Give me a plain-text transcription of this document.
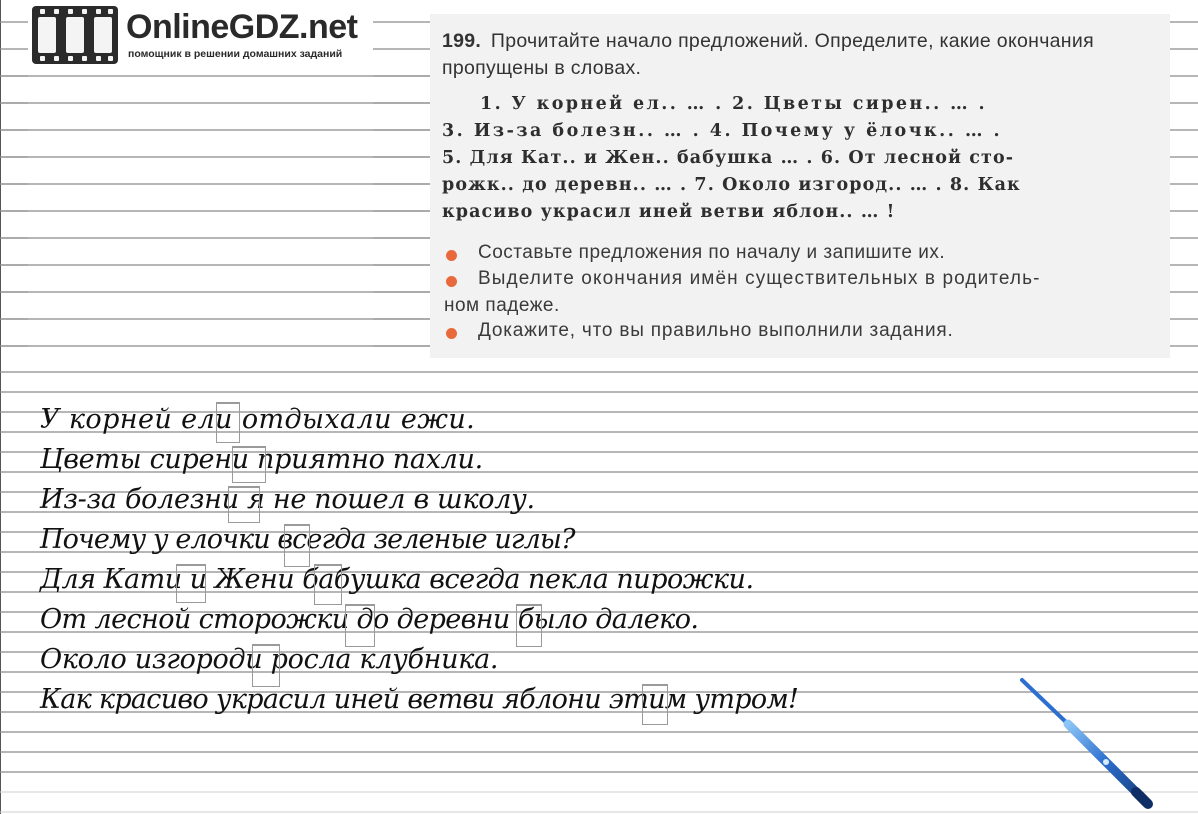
OnlineGDZ.net
помощник в решении домашних заданий
199. Прочитайте начало предложений. Определите, какие окончания пропущены в словах.
1. У корней ел.. … . 2. Цветы сирен.. … .
3. Из-за болезн.. … . 4. Почему у ёлочк.. … .
5. Для Кат.. и Жен.. бабушка … . 6. От лесной сто-
рожк.. до деревн.. … . 7. Около изгород.. … . 8. Как
красиво украсил иней ветви яблон.. … !
Составьте предложения по началу и запишите их.
Выделите окончания имён существительных в родитель-
ном падеже.
Докажите, что вы правильно выполнили задания.
У корней ели отдыхали ежи.
Цветы сирени приятно пахли.
Из-за болезни я не пошел в школу.
Почему у елочки всегда зеленые иглы?
Для Кати и Жени бабушка всегда пекла пирожки.
От лесной сторожки до деревни было далеко.
Около изгороди росла клубника.
Как красиво украсил иней ветви яблони этим утром!
